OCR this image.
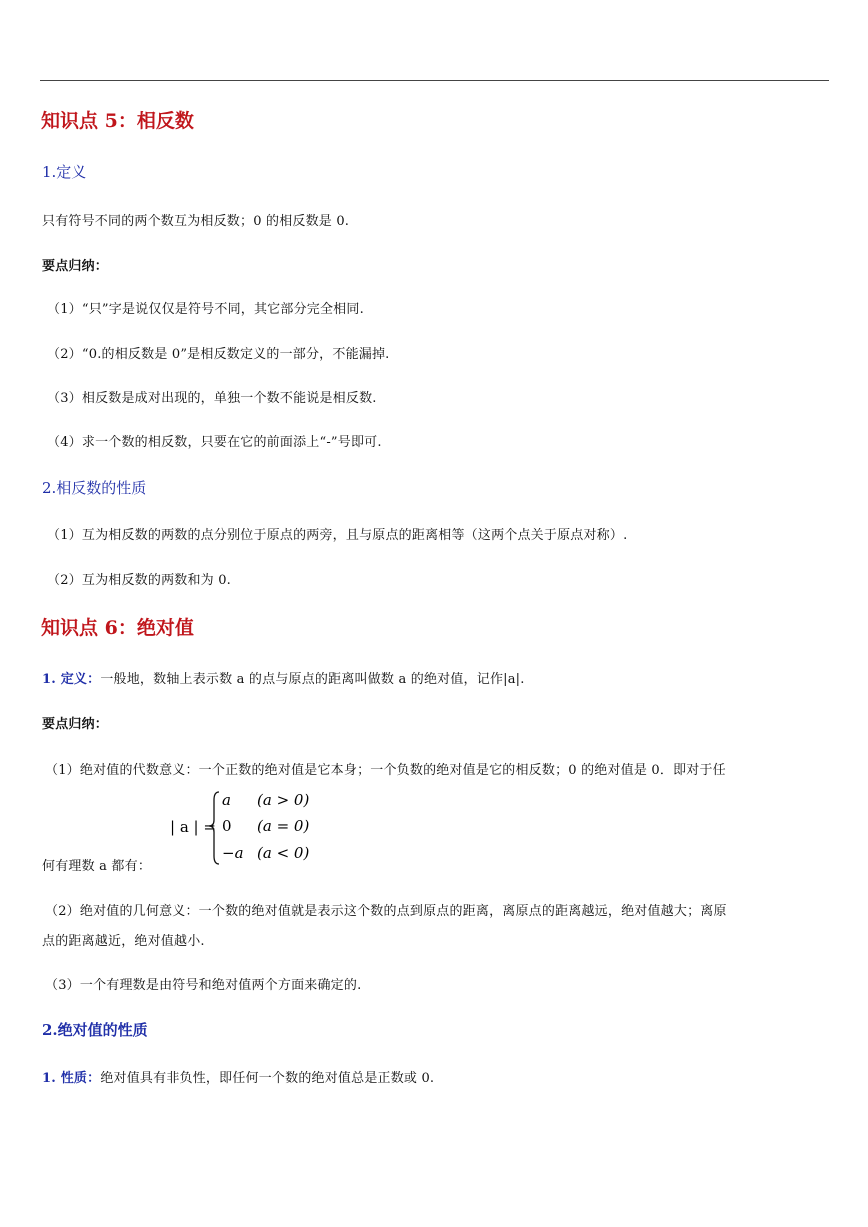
知识点 5：相反数
1.定义
只有符号不同的两个数互为相反数；0 的相反数是 0.
要点归纳：
（1）“只”字是说仅仅是符号不同，其它部分完全相同.
（2）“0.的相反数是 0”是相反数定义的一部分，不能漏掉.
（3）相反数是成对出现的，单独一个数不能说是相反数.
（4）求一个数的相反数，只要在它的前面添上“-”号即可.
2.相反数的性质
（1）互为相反数的两数的点分别位于原点的两旁，且与原点的距离相等（这两个点关于原点对称）.
（2）互为相反数的两数和为 0.
知识点 6：绝对值
1. 定义：一般地，数轴上表示数 a 的点与原点的距离叫做数 a 的绝对值，记作|a|.
要点归纳：
（1）绝对值的代数意义：一个正数的绝对值是它本身；一个负数的绝对值是它的相反数；0 的绝对值是 0．即对于任
| a | =
a (a > 0)
0 (a = 0)
−a (a < 0)
何有理数 a 都有：
（2）绝对值的几何意义：一个数的绝对值就是表示这个数的点到原点的距离，离原点的距离越远，绝对值越大；离原
点的距离越近，绝对值越小.
（3）一个有理数是由符号和绝对值两个方面来确定的.
2.绝对值的性质
1. 性质：绝对值具有非负性，即任何一个数的绝对值总是正数或 0.
